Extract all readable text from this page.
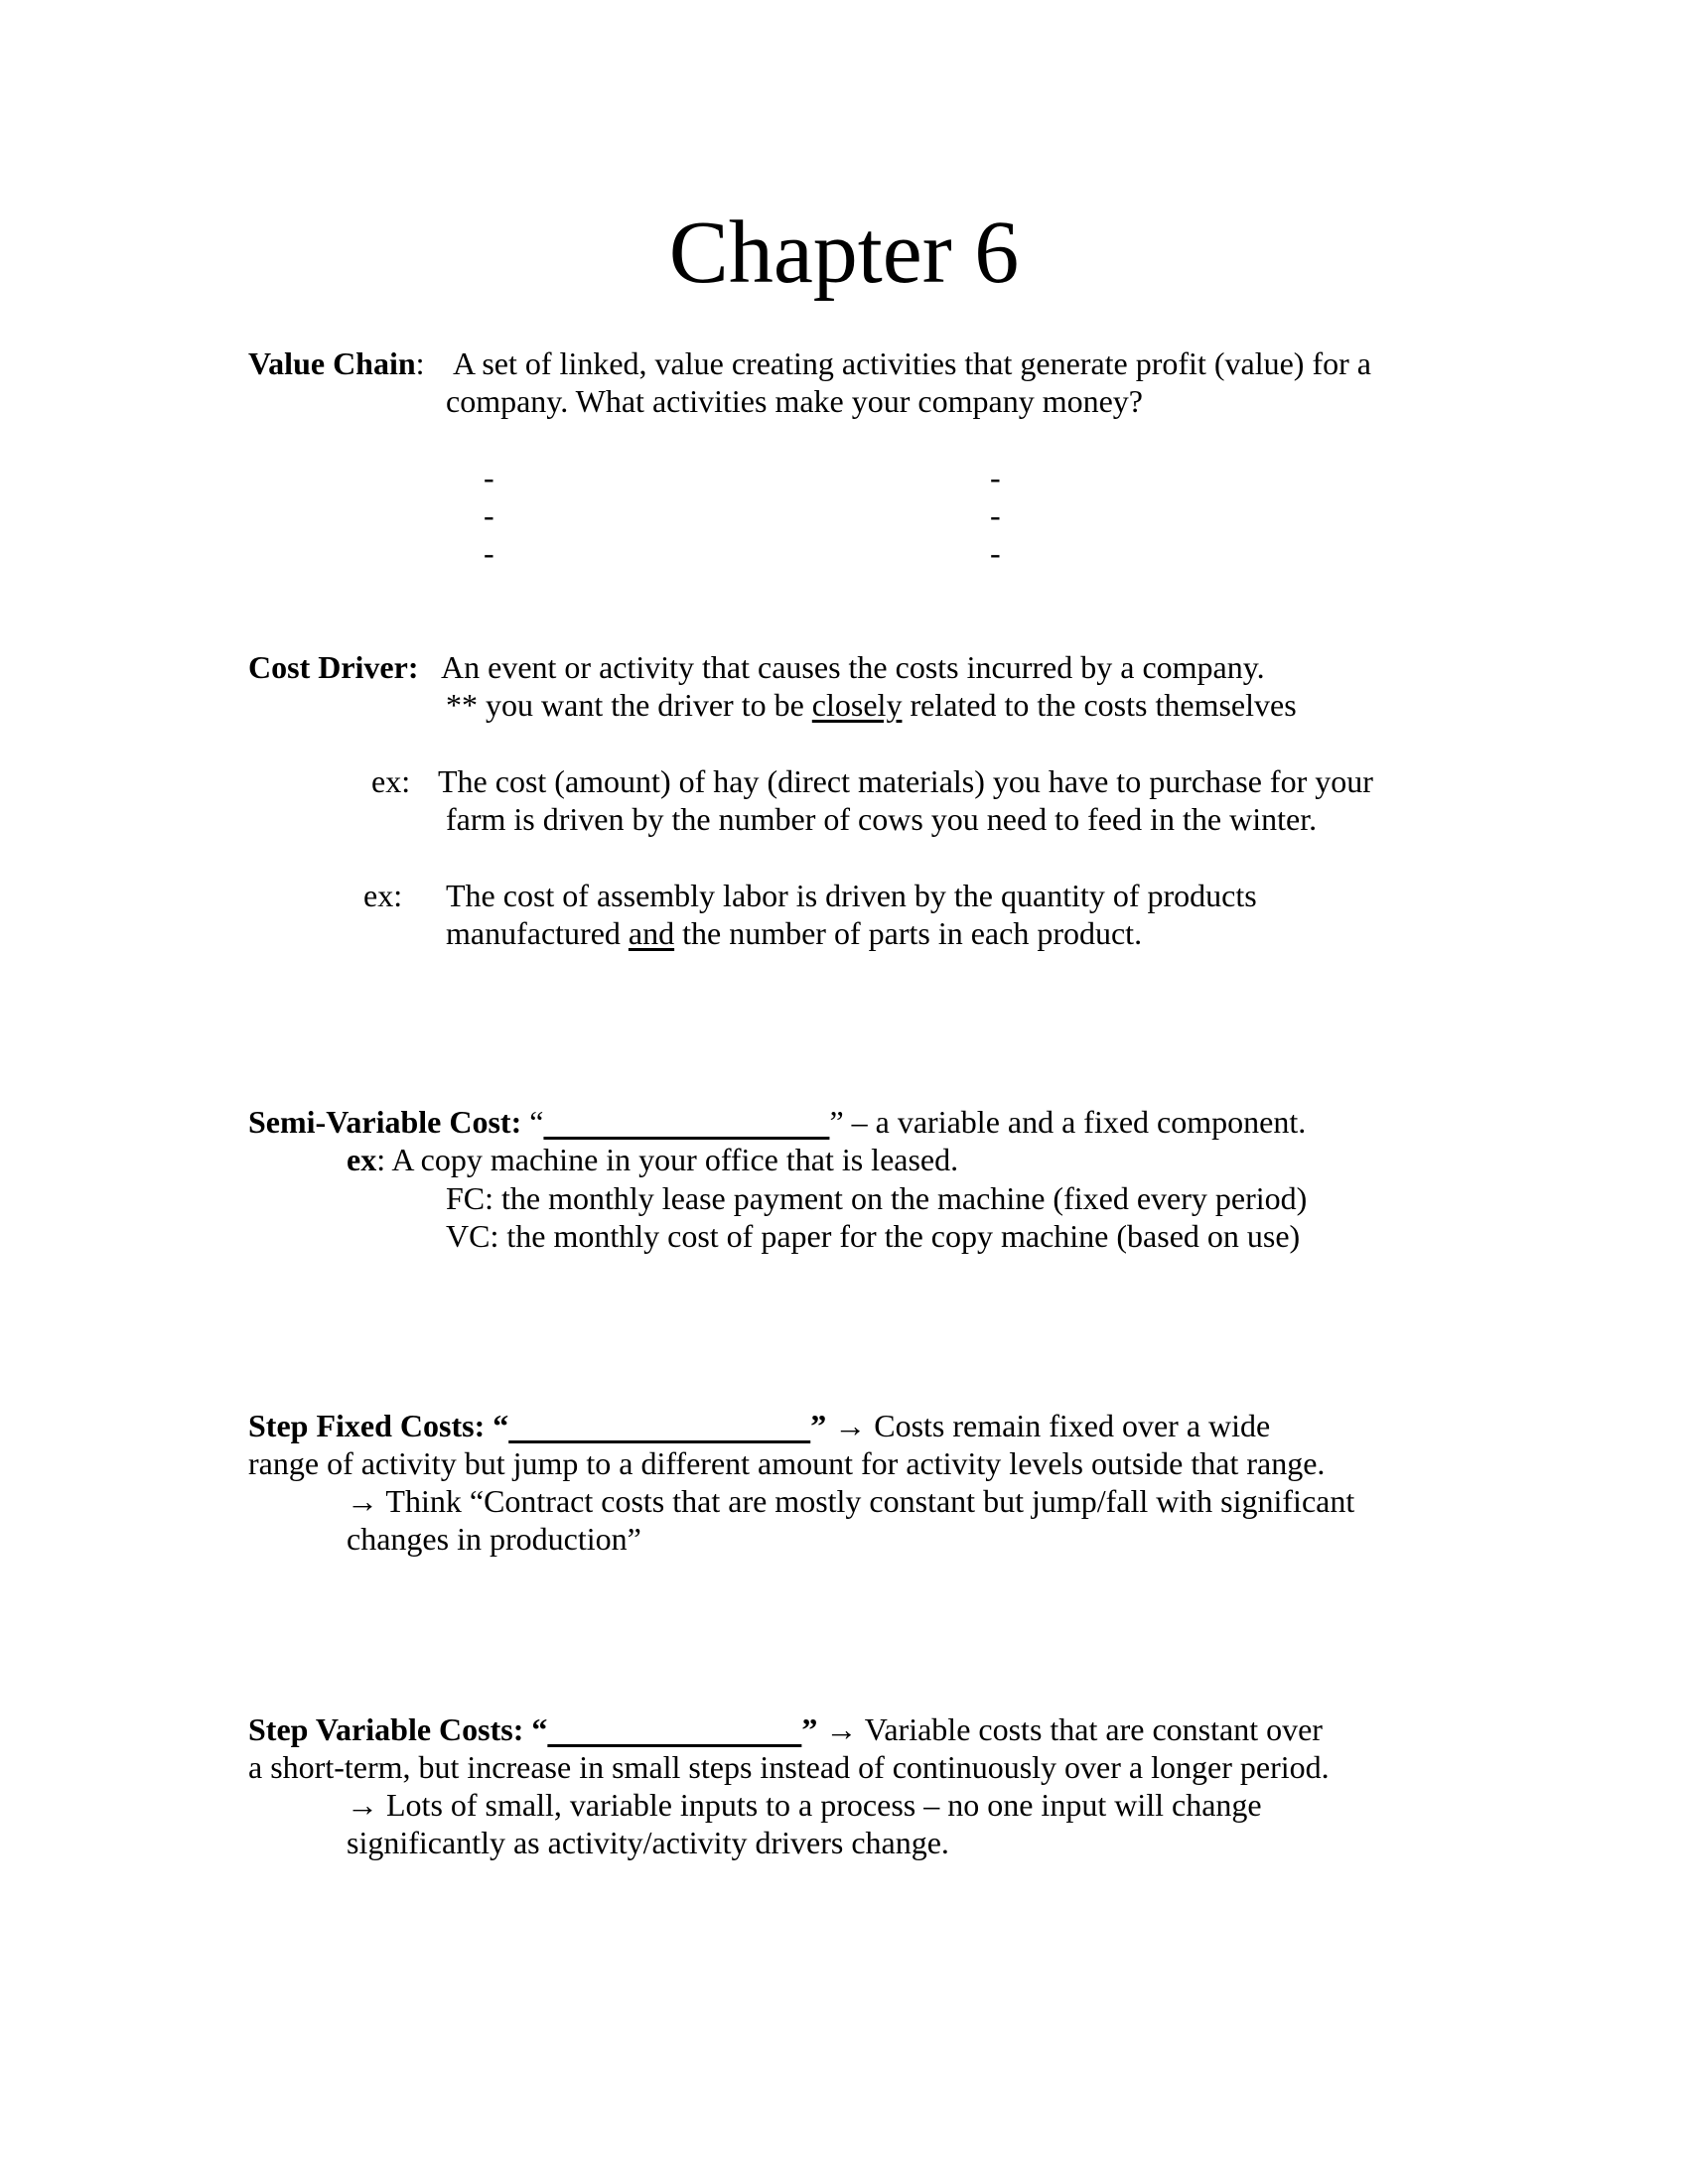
Chapter 6
Value Chain: A set of linked, value creating activities that generate profit (value) for a
company. What activities make your company money?
-
-
-
-
-
-
Cost Driver: An event or activity that causes the costs incurred by a company.
** you want the driver to be closely related to the costs themselves
ex: The cost (amount) of hay (direct materials) you have to purchase for your
farm is driven by the number of cows you need to feed in the winter.
ex: The cost of assembly labor is driven by the quantity of products
manufactured and the number of parts in each product.
Semi-Variable Cost: “	” – a variable and a fixed component.
ex: A copy machine in your office that is leased.
FC: the monthly lease payment on the machine (fixed every period)
VC: the monthly cost of paper for the copy machine (based on use)
Step Fixed Costs: “	” → Costs remain fixed over a wide
range of activity but jump to a different amount for activity levels outside that range.
→ Think “Contract costs that are mostly constant but jump/fall with significant
changes in production”
Step Variable Costs: “	” → Variable costs that are constant over
a short-term, but increase in small steps instead of continuously over a longer period.
→ Lots of small, variable inputs to a process – no one input will change
significantly as activity/activity drivers change.
